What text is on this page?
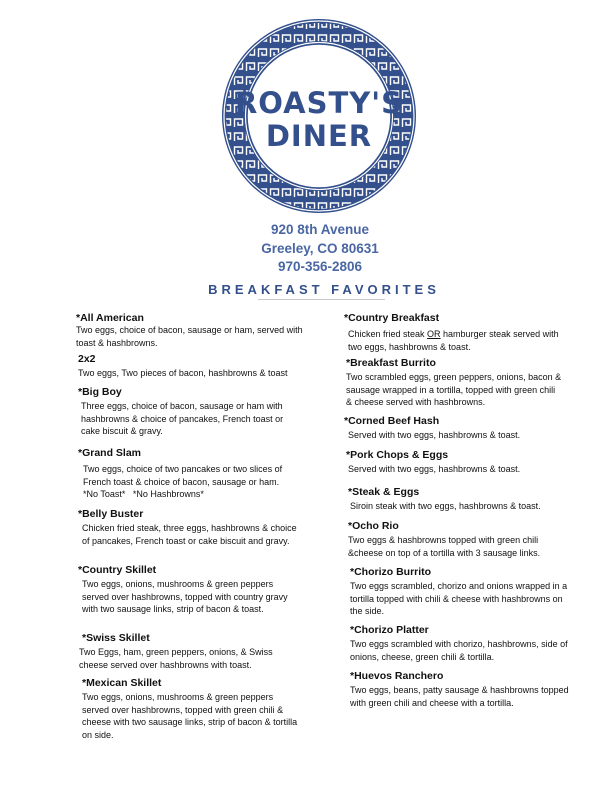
ROASTY'S
DINER
920 8th Avenue
Greeley, CO 80631
970-356-2806
BREAKFAST FAVORITES
*All American
Two eggs, choice of bacon, sausage or ham, served with toast & hashbrowns.
2x2
Two eggs, Two pieces of bacon, hashbrowns & toast
*Big Boy
Three eggs, choice of bacon, sausage or ham with hashbrowns & choice of pancakes, French toast or cake biscuit & gravy.
*Grand Slam
Two eggs, choice of two pancakes or two slices of French toast & choice of bacon, sausage or ham.
*No Toast*   *No Hashbrowns*
*Belly Buster
Chicken fried steak, three eggs, hashbrowns & choice of pancakes, French toast or cake biscuit and gravy.
*Country Skillet
Two eggs, onions, mushrooms & green peppers served over hashbrowns, topped with country gravy with two sausage links, strip of bacon & toast.
*Swiss Skillet
Two Eggs, ham, green peppers, onions, & Swiss cheese served over hashbrowns with toast.
*Mexican Skillet
Two eggs, onions, mushrooms & green peppers served over hashbrowns, topped with green chili & cheese with two sausage links, strip of bacon & tortilla on side.
*Country Breakfast
Chicken fried steak OR hamburger steak served with two eggs, hashbrowns & toast.
*Breakfast Burrito
Two scrambled eggs, green peppers, onions, bacon & sausage wrapped in a tortilla, topped with green chili & cheese served with hashbrowns.
*Corned Beef Hash
Served with two eggs, hashbrowns & toast.
*Pork Chops & Eggs
Served with two eggs, hashbrowns & toast.
*Steak & Eggs
Siroin steak with two eggs, hashbrowns & toast.
*Ocho Rio
Two eggs & hashbrowns topped with green chili &cheese on top of a tortilla with 3 sausage links.
*Chorizo Burrito
Two eggs scrambled, chorizo and onions wrapped in a tortilla topped with chili & cheese with hashbrowns on the side.
*Chorizo Platter
Two eggs scrambled with chorizo, hashbrowns, side of onions, cheese, green chili & tortilla.
*Huevos Ranchero
Two eggs, beans, patty sausage & hashbrowns topped with green chili and cheese with a tortilla.
